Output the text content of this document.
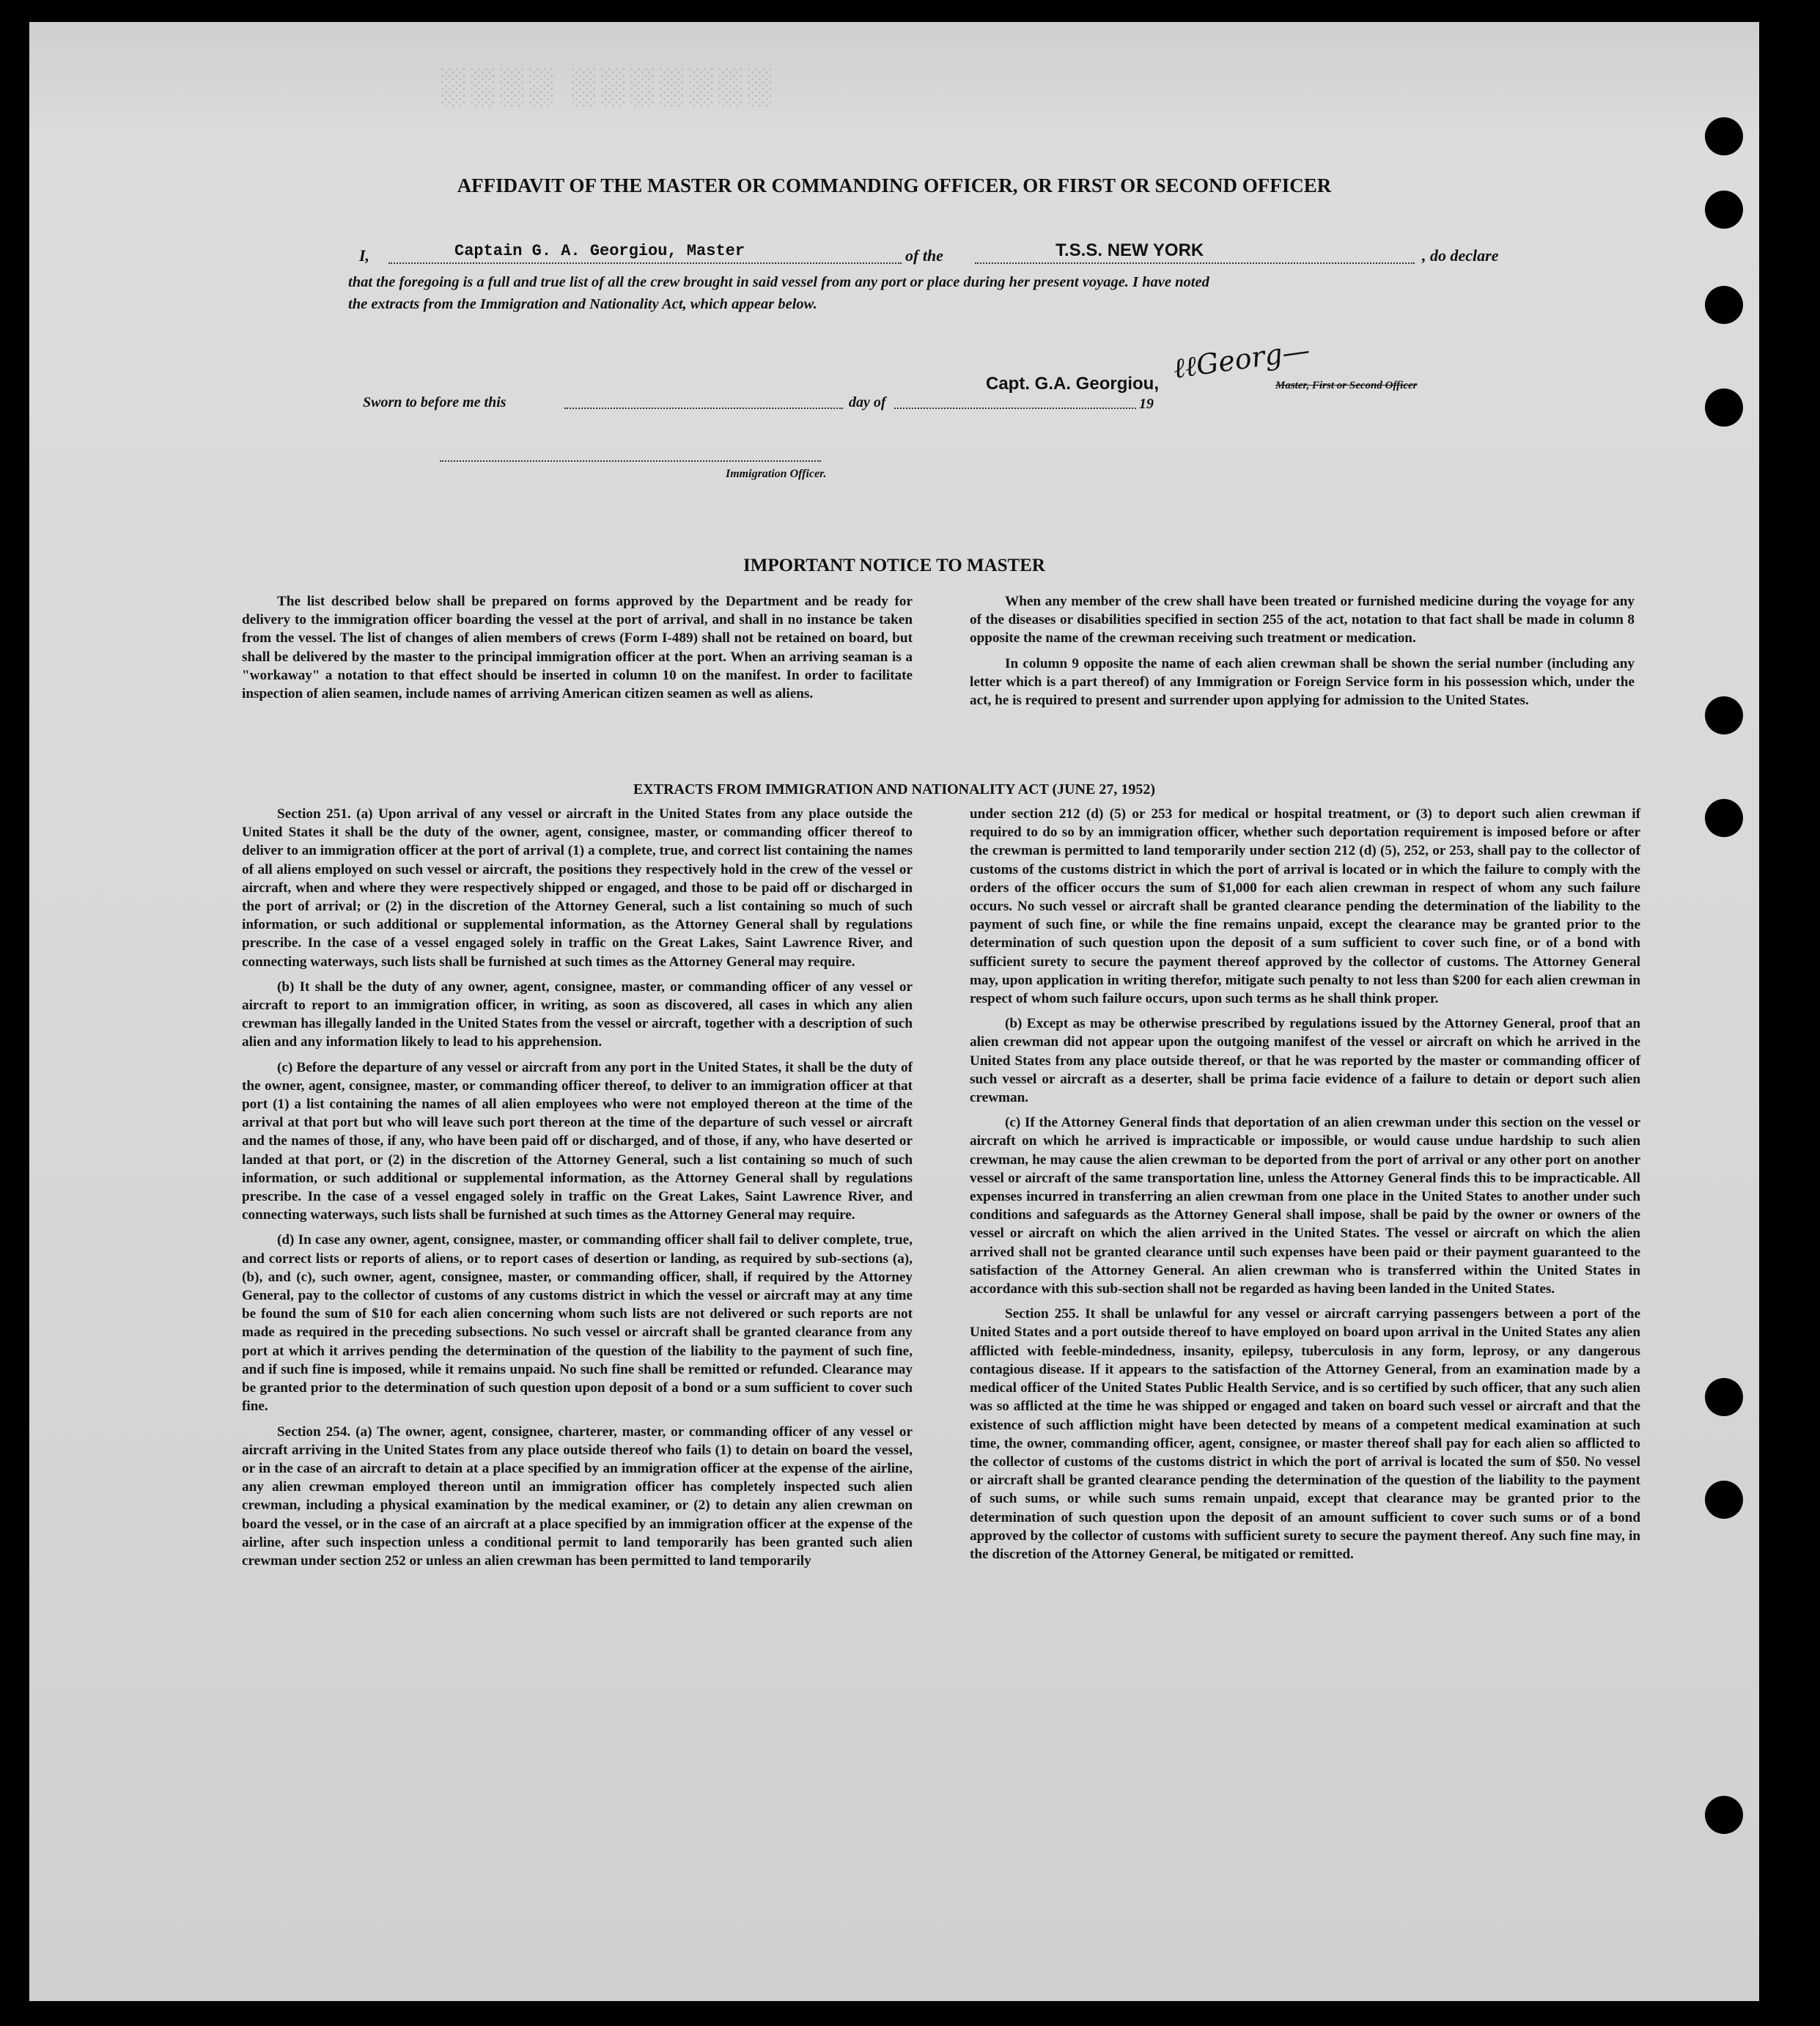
░░░░ ░░░░░░░
AFFIDAVIT OF THE MASTER OR COMMANDING OFFICER, OR FIRST OR SECOND OFFICER
I,	Captain G. A. Georgiou, Master	of the	T.S.S. NEW YORK	, do declare
that the foregoing is a full and true list of all the crew brought in said vessel from any port or place during her present voyage. I have noted
the extracts from the Immigration and Nationality Act, which appear below.
Sworn to before me this	day of	19
Capt. G.A. Georgiou,	Master, First or Second Officer
ℓℓGeorg—
Immigration Officer.
IMPORTANT NOTICE TO MASTER

The list described below shall be prepared on forms approved by the Department and be ready for delivery to the immigration officer boarding the vessel at the port of arrival, and shall in no instance be taken from the vessel. The list of changes of alien members of crews (Form I-489) shall not be retained on board, but shall be delivered by the master to the principal immigration officer at the port. When an arriving seaman is a "workaway" a notation to that effect should be inserted in column 10 on the manifest. In order to facilitate inspection of alien seamen, include names of arriving American citizen seamen as well as aliens.

When any member of the crew shall have been treated or furnished medicine during the voyage for any of the diseases or disabilities specified in section 255 of the act, notation to that fact shall be made in column 8 opposite the name of the crewman receiving such treatment or medication.

In column 9 opposite the name of each alien crewman shall be shown the serial number (including any letter which is a part thereof) of any Immigration or Foreign Service form in his possession which, under the act, he is required to present and surrender upon applying for admission to the United States.

EXTRACTS FROM IMMIGRATION AND NATIONALITY ACT (JUNE 27, 1952)

Section 251. (a) Upon arrival of any vessel or aircraft in the United States from any place outside the United States it shall be the duty of the owner, agent, consignee, master, or commanding officer thereof to deliver to an immigration officer at the port of arrival (1) a complete, true, and correct list containing the names of all aliens employed on such vessel or aircraft, the positions they respectively hold in the crew of the vessel or aircraft, when and where they were respectively shipped or engaged, and those to be paid off or discharged in the port of arrival; or (2) in the discretion of the Attorney General, such a list containing so much of such information, or such additional or supplemental information, as the Attorney General shall by regulations prescribe. In the case of a vessel engaged solely in traffic on the Great Lakes, Saint Lawrence River, and connecting waterways, such lists shall be furnished at such times as the Attorney General may require.

(b) It shall be the duty of any owner, agent, consignee, master, or commanding officer of any vessel or aircraft to report to an immigration officer, in writing, as soon as discovered, all cases in which any alien crewman has illegally landed in the United States from the vessel or aircraft, together with a description of such alien and any information likely to lead to his apprehension.

(c) Before the departure of any vessel or aircraft from any port in the United States, it shall be the duty of the owner, agent, consignee, master, or commanding officer thereof, to deliver to an immigration officer at that port (1) a list containing the names of all alien employees who were not employed thereon at the time of the arrival at that port but who will leave such port thereon at the time of the departure of such vessel or aircraft and the names of those, if any, who have been paid off or discharged, and of those, if any, who have deserted or landed at that port, or (2) in the discretion of the Attorney General, such a list containing so much of such information, or such additional or supplemental information, as the Attorney General shall by regulations prescribe. In the case of a vessel engaged solely in traffic on the Great Lakes, Saint Lawrence River, and connecting waterways, such lists shall be furnished at such times as the Attorney General may require.

(d) In case any owner, agent, consignee, master, or commanding officer shall fail to deliver complete, true, and correct lists or reports of aliens, or to report cases of desertion or landing, as required by sub-sections (a), (b), and (c), such owner, agent, consignee, master, or commanding officer, shall, if required by the Attorney General, pay to the collector of customs of any customs district in which the vessel or aircraft may at any time be found the sum of $10 for each alien concerning whom such lists are not delivered or such reports are not made as required in the preceding subsections. No such vessel or aircraft shall be granted clearance from any port at which it arrives pending the determination of the question of the liability to the payment of such fine, and if such fine is imposed, while it remains unpaid. No such fine shall be remitted or refunded. Clearance may be granted prior to the determination of such question upon deposit of a bond or a sum sufficient to cover such fine.

Section 254. (a) The owner, agent, consignee, charterer, master, or commanding officer of any vessel or aircraft arriving in the United States from any place outside thereof who fails (1) to detain on board the vessel, or in the case of an aircraft to detain at a place specified by an immigration officer at the expense of the airline, any alien crewman employed thereon until an immigration officer has completely inspected such alien crewman, including a physical examination by the medical examiner, or (2) to detain any alien crewman on board the vessel, or in the case of an aircraft at a place specified by an immigration officer at the expense of the airline, after such inspection unless a conditional permit to land temporarily has been granted such alien crewman under section 252 or unless an alien crewman has been permitted to land temporarily

under section 212 (d) (5) or 253 for medical or hospital treatment, or (3) to deport such alien crewman if required to do so by an immigration officer, whether such deportation requirement is imposed before or after the crewman is permitted to land temporarily under section 212 (d) (5), 252, or 253, shall pay to the collector of customs of the customs district in which the port of arrival is located or in which the failure to comply with the orders of the officer occurs the sum of $1,000 for each alien crewman in respect of whom any such failure occurs. No such vessel or aircraft shall be granted clearance pending the determination of the liability to the payment of such fine, or while the fine remains unpaid, except the clearance may be granted prior to the determination of such question upon the deposit of a sum sufficient to cover such fine, or of a bond with sufficient surety to secure the payment thereof approved by the collector of customs. The Attorney General may, upon application in writing therefor, mitigate such penalty to not less than $200 for each alien crewman in respect of whom such failure occurs, upon such terms as he shall think proper.

(b) Except as may be otherwise prescribed by regulations issued by the Attorney General, proof that an alien crewman did not appear upon the outgoing manifest of the vessel or aircraft on which he arrived in the United States from any place outside thereof, or that he was reported by the master or commanding officer of such vessel or aircraft as a deserter, shall be prima facie evidence of a failure to detain or deport such alien crewman.

(c) If the Attorney General finds that deportation of an alien crewman under this section on the vessel or aircraft on which he arrived is impracticable or impossible, or would cause undue hardship to such alien crewman, he may cause the alien crewman to be deported from the port of arrival or any other port on another vessel or aircraft of the same transportation line, unless the Attorney General finds this to be impracticable. All expenses incurred in transferring an alien crewman from one place in the United States to another under such conditions and safeguards as the Attorney General shall impose, shall be paid by the owner or owners of the vessel or aircraft on which the alien arrived in the United States. The vessel or aircraft on which the alien arrived shall not be granted clearance until such expenses have been paid or their payment guaranteed to the satisfaction of the Attorney General. An alien crewman who is transferred within the United States in accordance with this sub-section shall not be regarded as having been landed in the United States.

Section 255. It shall be unlawful for any vessel or aircraft carrying passengers between a port of the United States and a port outside thereof to have employed on board upon arrival in the United States any alien afflicted with feeble-mindedness, insanity, epilepsy, tuberculosis in any form, leprosy, or any dangerous contagious disease. If it appears to the satisfaction of the Attorney General, from an examination made by a medical officer of the United States Public Health Service, and is so certified by such officer, that any such alien was so afflicted at the time he was shipped or engaged and taken on board such vessel or aircraft and that the existence of such affliction might have been detected by means of a competent medical examination at such time, the owner, commanding officer, agent, consignee, or master thereof shall pay for each alien so afflicted to the collector of customs of the customs district in which the port of arrival is located the sum of $50. No vessel or aircraft shall be granted clearance pending the determination of the question of the liability to the payment of such sums, or while such sums remain unpaid, except that clearance may be granted prior to the determination of such question upon the deposit of an amount sufficient to cover such sums or of a bond approved by the collector of customs with sufficient surety to secure the payment thereof. Any such fine may, in the discretion of the Attorney General, be mitigated or remitted.
